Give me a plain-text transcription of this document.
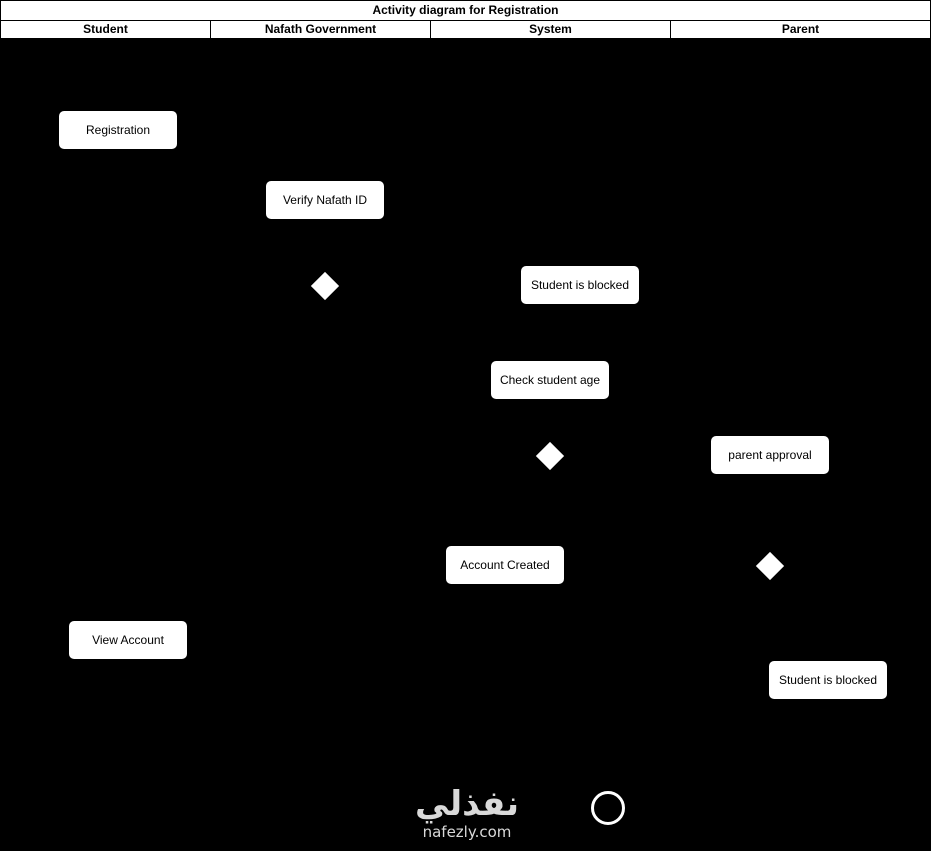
Activity diagram for Registration
Student	Nafath Government	System	Parent
Registration
Verify Nafath ID
Student is blocked
Check student age
parent approval
Account Created
View Account
Student is blocked
نفذلي
nafezly.com
